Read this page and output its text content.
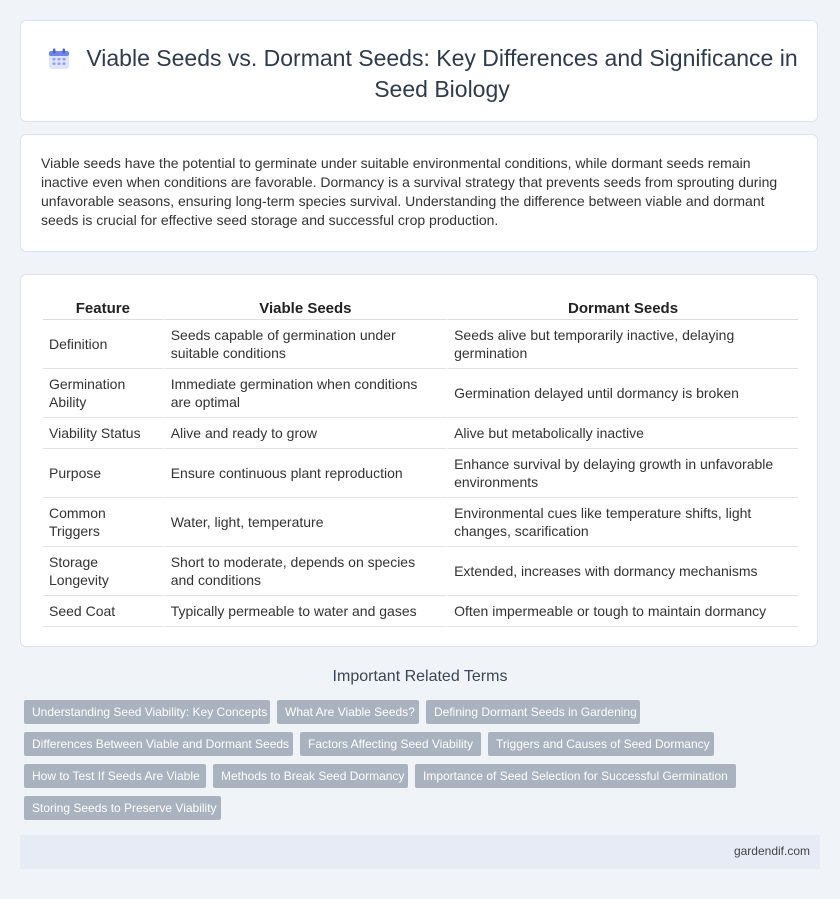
Viable Seeds vs. Dormant Seeds: Key Differences and Significance in Seed Biology

Viable seeds have the potential to germinate under suitable environmental conditions, while dormant seeds remain inactive even when conditions are favorable. Dormancy is a survival strategy that prevents seeds from sprouting during unfavorable seasons, ensuring long-term species survival. Understanding the difference between viable and dormant seeds is crucial for effective seed storage and successful crop production.

Feature	Viable Seeds	Dormant Seeds
Definition	Seeds capable of germination under suitable conditions	Seeds alive but temporarily inactive, delaying germination
Germination Ability	Immediate germination when conditions are optimal	Germination delayed until dormancy is broken
Viability Status	Alive and ready to grow	Alive but metabolically inactive
Purpose	Ensure continuous plant reproduction	Enhance survival by delaying growth in unfavorable environments
Common Triggers	Water, light, temperature	Environmental cues like temperature shifts, light changes, scarification
Storage Longevity	Short to moderate, depends on species and conditions	Extended, increases with dormancy mechanisms
Seed Coat	Typically permeable to water and gases	Often impermeable or tough to maintain dormancy
Important Related Terms
Understanding Seed Viability: Key Concepts	What Are Viable Seeds?	Defining Dormant Seeds in Gardening
Differences Between Viable and Dormant Seeds	Factors Affecting Seed Viability	Triggers and Causes of Seed Dormancy
How to Test If Seeds Are Viable	Methods to Break Seed Dormancy	Importance of Seed Selection for Successful Germination
Storing Seeds to Preserve Viability
gardendif.com
